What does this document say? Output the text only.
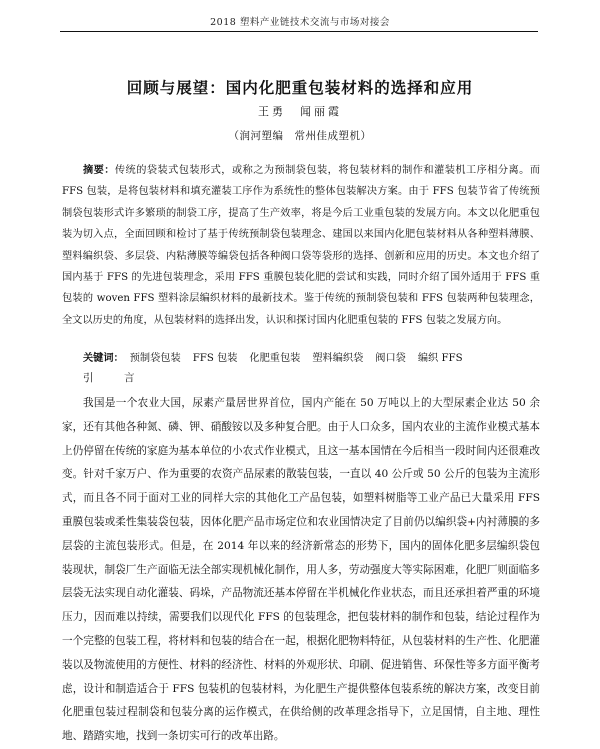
2018 塑料产业链技术交流与市场对接会
回顾与展望：国内化肥重包装材料的选择和应用
王勇　闻丽霞
（润河塑编　常州佳成塑机）
摘要：传统的袋装式包装形式，或称之为预制袋包装，将包装材料的制作和灌装机工序相分离。而 FFS 包装，是将包装材料和填充灌装工序作为系统性的整体包装解决方案。由于 FFS 包装节省了传统预制袋包装形式许多繁琐的制袋工序，提高了生产效率，将是今后工业重包装的发展方向。本文以化肥重包装为切入点，全面回顾和检讨了基于传统预制袋包装理念、建国以来国内化肥包装材料从各种塑料薄膜、塑料编织袋、多层袋、内粘薄膜等编袋包括各种阀口袋等袋形的选择、创新和应用的历史。本文也介绍了国内基于 FFS 的先进包装理念，采用 FFS 重膜包装化肥的尝试和实践，同时介绍了国外适用于 FFS 重包装的 woven FFS 塑料涂层编织材料的最新技术。鉴于传统的预制袋包装和 FFS 包装两种包装理念，全文以历史的角度，从包装材料的选择出发，认识和探讨国内化肥重包装的 FFS 包装之发展方向。
关键词： 预制袋包装 FFS 包装 化肥重包装 塑料编织袋 阀口袋 编织 FFS
引　言

我国是一个农业大国，尿素产量居世界首位，国内产能在 50 万吨以上的大型尿素企业达 50 余家，还有其他各种氮、磷、钾、硝酸铵以及多种复合肥。由于人口众多，国内农业的主流作业模式基本上仍停留在传统的家庭为基本单位的小农式作业模式，且这一基本国情在今后相当一段时间内还很难改变。针对千家万户、作为重要的农资产品尿素的散装包装，一直以 40 公斤或 50 公斤的包装为主流形式，而且各不同于面对工业的同样大宗的其他化工产品包装，如塑料树脂等工业产品已大量采用 FFS 重膜包装或柔性集装袋包装，因体化肥产品市场定位和农业国情决定了目前仍以编织袋+内衬薄膜的多层袋的主流包装形式。但是，在 2014 年以来的经济新常态的形势下，国内的固体化肥多层编织袋包装现状，制袋厂生产面临无法全部实现机械化制作，用人多，劳动强度大等实际困难，化肥厂则面临多层袋无法实现自动化灌装、码垛，产品物流还基本停留在半机械化作业状态，而且还承担着严重的环境压力，因而难以持续，需要我们以现代化 FFS 的包装理念，把包装材料的制作和包装，结论过程作为一个完整的包装工程，将材料和包装的结合在一起，根据化肥物料特征，从包装材料的生产性、化肥灌装以及物流使用的方便性、材料的经济性、材料的外观形状、印刷、促进销售、环保性等多方面平衡考虑，设计和制造适合于 FFS 包装机的包装材料，为化肥生产提供整体包装系统的解决方案，改变目前化肥重包装过程制袋和包装分离的运作模式，在供给侧的改革理念指导下，立足国情，自主地、理性地、踏踏实地，找到一条切实可行的改革出路。
